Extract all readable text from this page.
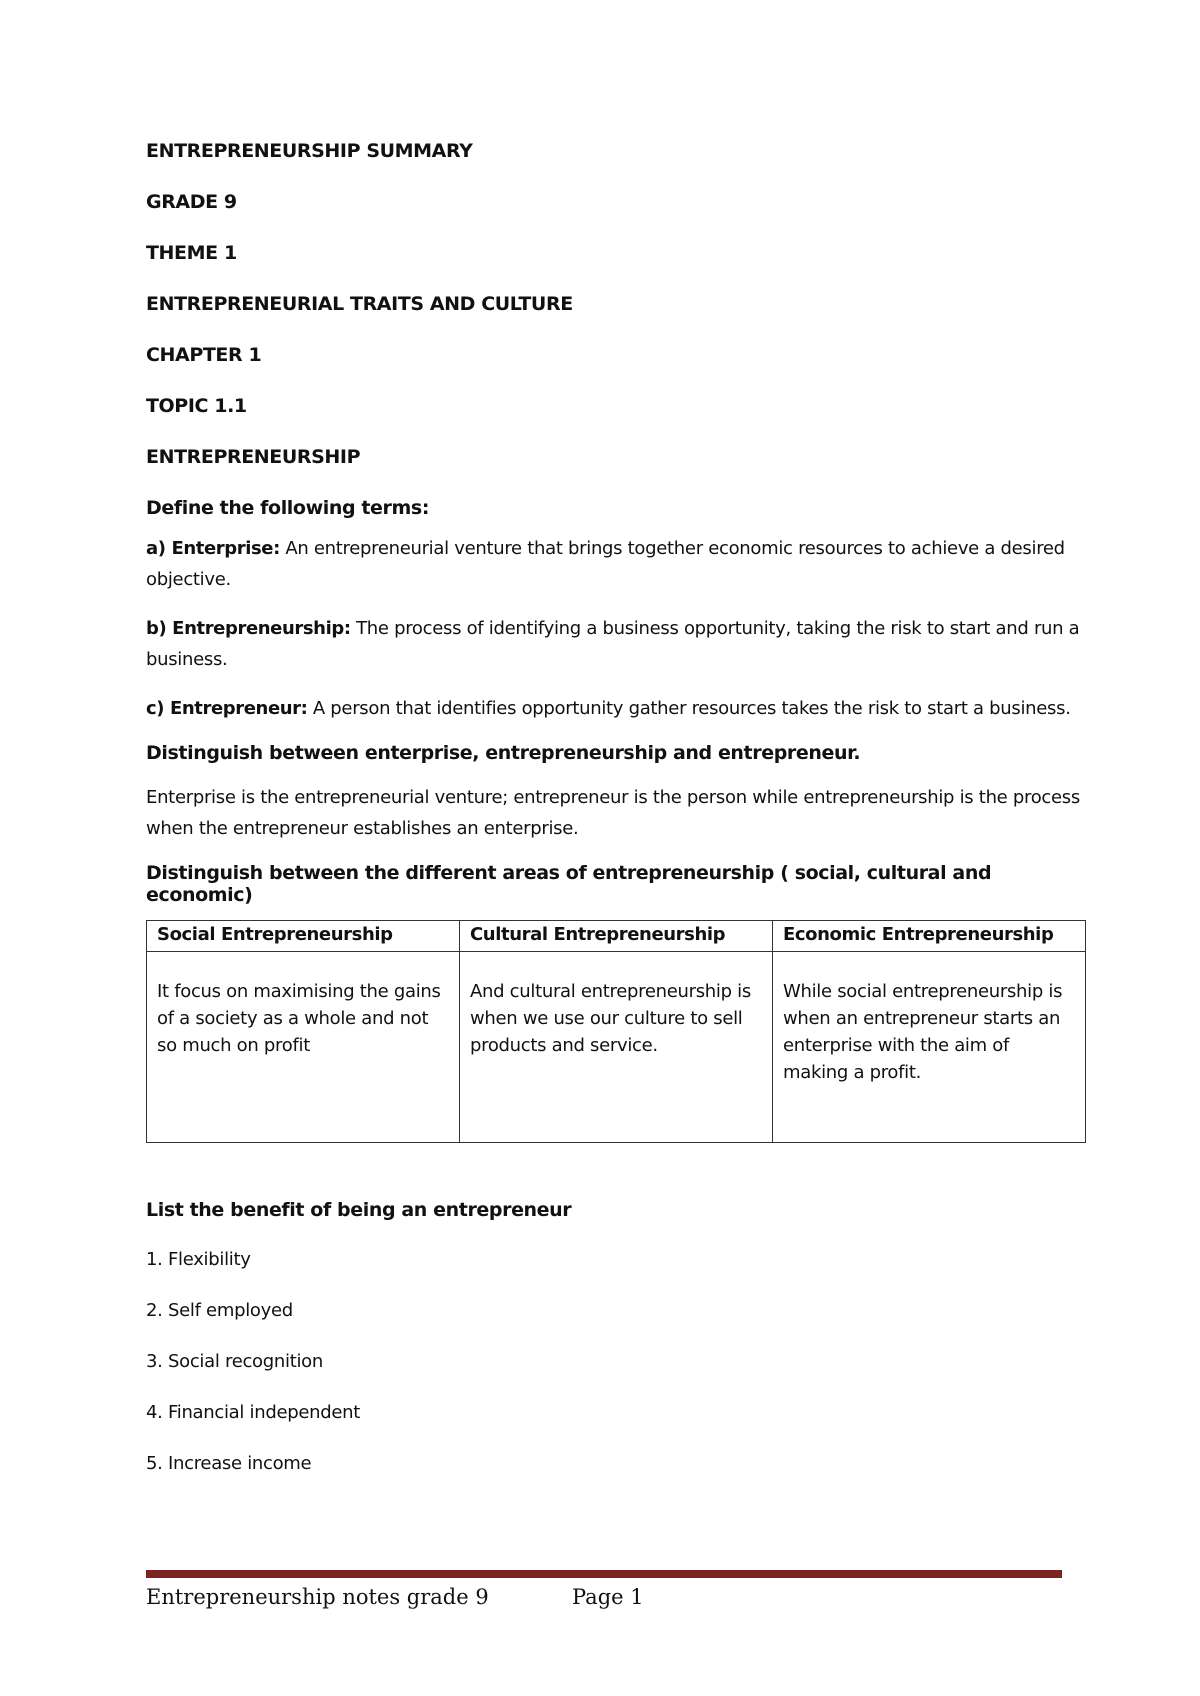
ENTREPRENEURSHIP SUMMARY
GRADE 9
THEME 1
ENTREPRENEURIAL TRAITS AND CULTURE
CHAPTER 1
TOPIC 1.1
ENTREPRENEURSHIP
Define the following terms:
a) Enterprise: An entrepreneurial venture that brings together economic resources to achieve a desired objective.
b) Entrepreneurship: The process of identifying a business opportunity, taking the risk to start and run a business.
c) Entrepreneur: A person that identifies opportunity gather resources takes the risk to start a business.
Distinguish between enterprise, entrepreneurship and entrepreneur.
Enterprise is the entrepreneurial venture; entrepreneur is the person while entrepreneurship is the process when the entrepreneur establishes an enterprise.
Distinguish between the different areas of entrepreneurship ( social, cultural and economic)
Social Entrepreneurship	Cultural Entrepreneurship	Economic Entrepreneurship
It focus on maximising the gains of a society as a whole and not so much on profit	And cultural entrepreneurship is when we use our culture to sell products and service.	While social entrepreneurship is when an entrepreneur starts an enterprise with the aim of making a profit.
List the benefit of being an entrepreneur
1. Flexibility
2. Self employed
3. Social recognition
4. Financial independent
5. Increase income
Entrepreneurship notes grade 9	Page 1
